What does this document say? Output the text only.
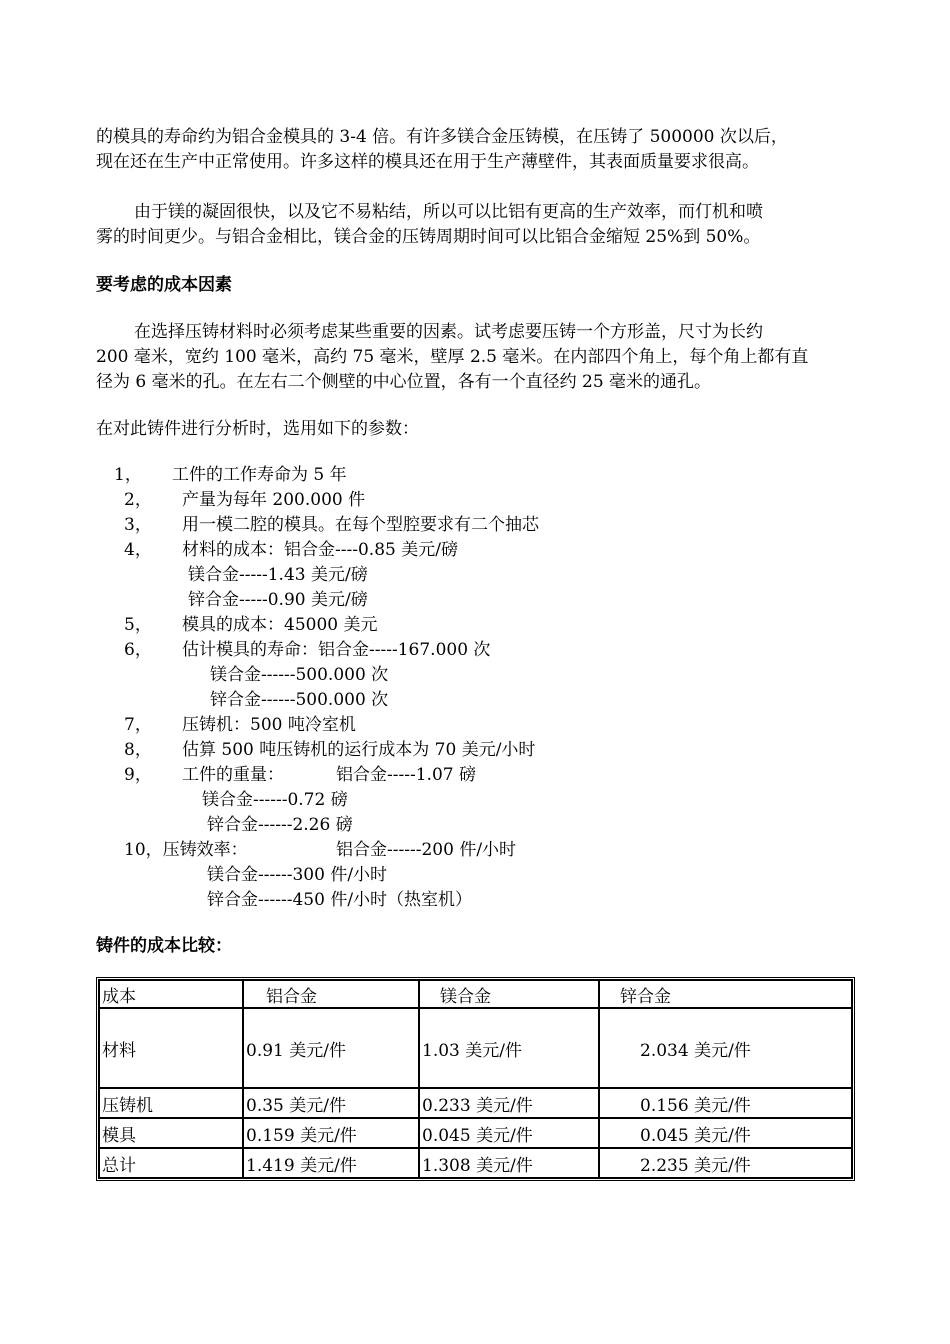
的模具的寿命约为铝合金模具的 3-4 倍。有许多镁合金压铸模，在压铸了 500000 次以后，
现在还在生产中正常使用。许多这样的模具还在用于生产薄壁件，其表面质量要求很高。
由于镁的凝固很快，以及它不易粘结，所以可以比铝有更高的生产效率，而仃机和喷
雾的时间更少。与铝合金相比，镁合金的压铸周期时间可以比铝合金缩短 25%到 50%。
要考虑的成本因素
在选择压铸材料时必须考虑某些重要的因素。试考虑要压铸一个方形盖，尺寸为长约
200 毫米，宽约 100 毫米，高约 75 毫米，壁厚 2.5 毫米。在内部四个角上，每个角上都有直
径为 6 毫米的孔。在左右二个侧壁的中心位置，各有一个直径约 25 毫米的通孔。
在对此铸件进行分析时，选用如下的参数：
1， 工件的工作寿命为 5 年
2， 产量为每年 200.000 件
3， 用一模二腔的模具。在每个型腔要求有二个抽芯
4， 材料的成本：铝合金----0.85 美元/磅
镁合金-----1.43 美元/磅
锌合金-----0.90 美元/磅
5， 模具的成本：45000 美元
6， 估计模具的寿命：铝合金-----167.000 次
镁合金------500.000 次
锌合金------500.000 次
7， 压铸机：500 吨冷室机
8， 估算 500 吨压铸机的运行成本为 70 美元/小时
9， 工件的重量：	铝合金-----1.07 磅
镁合金------0.72 磅
锌合金------2.26 磅
10，压铸效率：	铝合金------200 件/小时
镁合金------300 件/小时
锌合金------450 件/小时（热室机）
铸件的成本比较：
成本	铝合金	镁合金	锌合金
材料	0.91 美元/件	1.03 美元/件	2.034 美元/件
压铸机	0.35 美元/件	0.233 美元/件	0.156 美元/件
模具	0.159 美元/件	0.045 美元/件	0.045 美元/件
总计	1.419 美元/件	1.308 美元/件	2.235 美元/件
